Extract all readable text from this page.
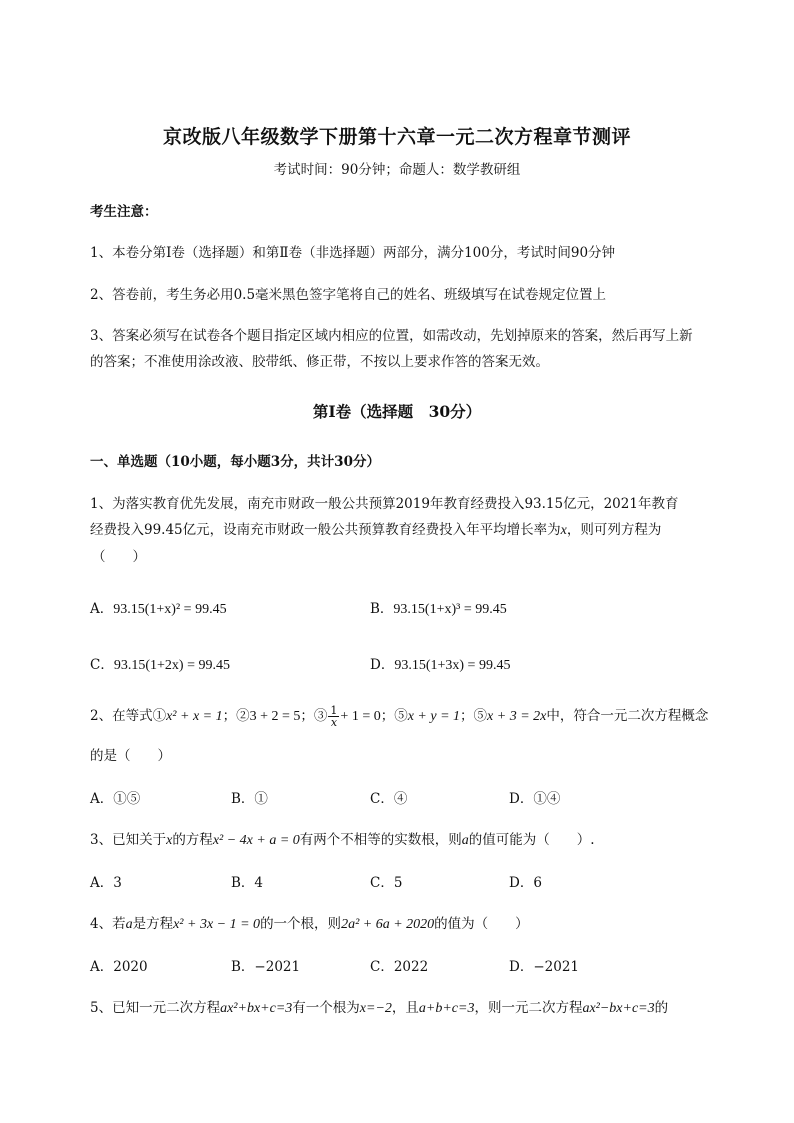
京改版八年级数学下册第十六章一元二次方程章节测评
考试时间：90分钟；命题人：数学教研组
考生注意：
1、本卷分第I卷（选择题）和第Ⅱ卷（非选择题）两部分，满分100分，考试时间90分钟
2、答卷前，考生务必用0.5毫米黑色签字笔将自己的姓名、班级填写在试卷规定位置上
3、答案必须写在试卷各个题目指定区域内相应的位置，如需改动，先划掉原来的答案，然后再写上新
的答案；不准使用涂改液、胶带纸、修正带，不按以上要求作答的答案无效。
第I卷（选择题　30分）
一、单选题（10小题，每小题3分，共计30分）
1、为落实教育优先发展，南充市财政一般公共预算2019年教育经费投入93.15亿元，2021年教育
经费投入99.45亿元，设南充市财政一般公共预算教育经费投入年平均增长率为x，则可列方程为
（　　）
A．93.15(1+x)² = 99.45	B．93.15(1+x)³ = 99.45
C．93.15(1+2x) = 99.45	D．93.15(1+3x) = 99.45
2、在等式①x² + x = 1；②3 + 2 = 5；③ $\frac{1}{x} + 1 = 0$；⑤x + y = 1；⑤x + 3 = 2x中，符合一元二次方程概念
的是（　　）
A．①⑤	B．①	C．④	D．①④
3、已知关于x的方程x² − 4x + a = 0有两个不相等的实数根，则a的值可能为（　　）.
A．3	B．4	C．5	D．6
4、若a是方程x² + 3x − 1 = 0的一个根，则2a² + 6a + 2020的值为（　　）
A．2020	B．−2021	C．2022	D．−2021
5、已知一元二次方程ax²+bx+c=3有一个根为x=−2，且a+b+c=3，则一元二次方程ax²−bx+c=3的
